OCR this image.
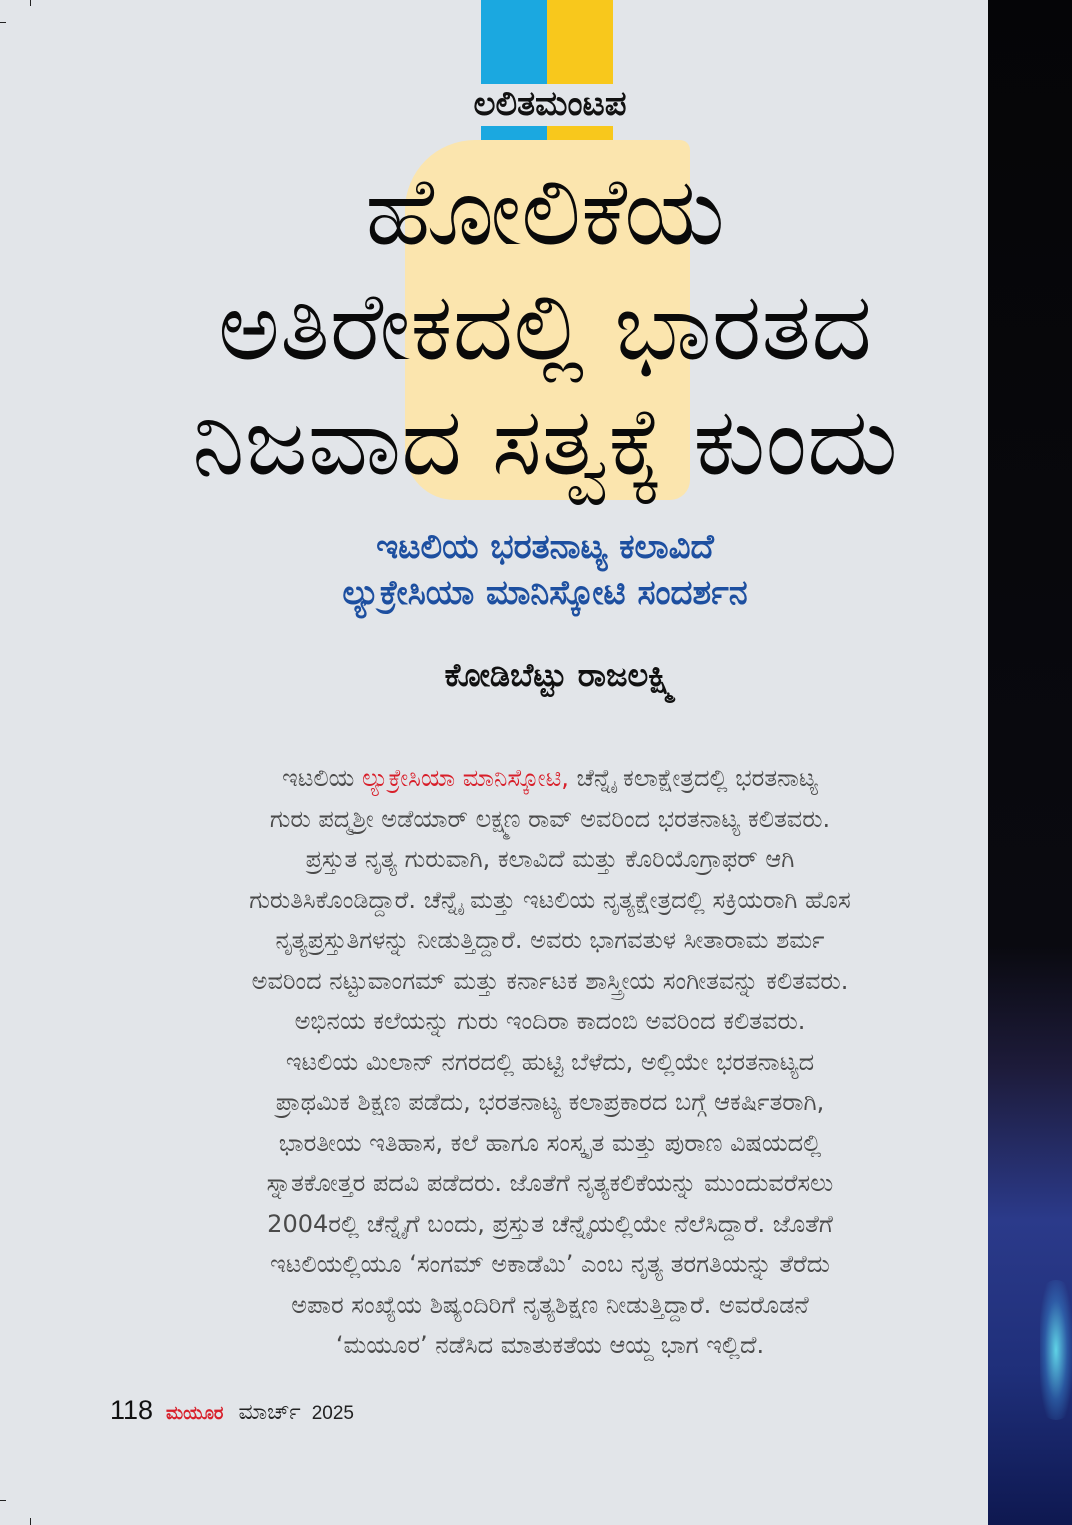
ಲಲಿತಮಂಟಪ
ಹೋಲಿಕೆಯ
ಅತಿರೇಕದಲ್ಲಿ ಭಾರತದ
ನಿಜವಾದ ಸತ್ವಕ್ಕೆ ಕುಂದು
ಇಟಲಿಯ ಭರತನಾಟ್ಯ ಕಲಾವಿದೆ
ಲ್ಯುಕ್ರೇಸಿಯಾ ಮಾನಿಸ್ಕೋಟಿ ಸಂದರ್ಶನ
ಕೋಡಿಬೆಟ್ಟು ರಾಜಲಕ್ಷ್ಮಿ
ಇಟಲಿಯ ಲ್ಯುಕ್ರೇಸಿಯಾ ಮಾನಿಸ್ಕೋಟಿ, ಚೆನ್ನೈ ಕಲಾಕ್ಷೇತ್ರದಲ್ಲಿ ಭರತನಾಟ್ಯ
ಗುರು ಪದ್ಮಶ್ರೀ ಅಡೆಯಾರ್ ಲಕ್ಷ್ಮಣ ರಾವ್ ಅವರಿಂದ ಭರತನಾಟ್ಯ ಕಲಿತವರು.
ಪ್ರಸ್ತುತ ನೃತ್ಯ ಗುರುವಾಗಿ, ಕಲಾವಿದೆ ಮತ್ತು ಕೊರಿಯೊಗ್ರಾಫರ್ ಆಗಿ
ಗುರುತಿಸಿಕೊಂಡಿದ್ದಾರೆ. ಚೆನ್ನೈ ಮತ್ತು ಇಟಲಿಯ ನೃತ್ಯಕ್ಷೇತ್ರದಲ್ಲಿ ಸಕ್ರಿಯರಾಗಿ ಹೊಸ
ನೃತ್ಯಪ್ರಸ್ತುತಿಗಳನ್ನು ನೀಡುತ್ತಿದ್ದಾರೆ. ಅವರು ಭಾಗವತುಳ ಸೀತಾರಾಮ ಶರ್ಮ
ಅವರಿಂದ ನಟ್ಟುವಾಂಗಮ್ ಮತ್ತು ಕರ್ನಾಟಕ ಶಾಸ್ತ್ರೀಯ ಸಂಗೀತವನ್ನು ಕಲಿತವರು.
ಅಭಿನಯ ಕಲೆಯನ್ನು ಗುರು ಇಂದಿರಾ ಕಾದಂಬಿ ಅವರಿಂದ ಕಲಿತವರು.
ಇಟಲಿಯ ಮಿಲಾನ್ ನಗರದಲ್ಲಿ ಹುಟ್ಟಿ ಬೆಳೆದು, ಅಲ್ಲಿಯೇ ಭರತನಾಟ್ಯದ
ಪ್ರಾಥಮಿಕ ಶಿಕ್ಷಣ ಪಡೆದು, ಭರತನಾಟ್ಯ ಕಲಾಪ್ರಕಾರದ ಬಗ್ಗೆ ಆಕರ್ಷಿತರಾಗಿ,
ಭಾರತೀಯ ಇತಿಹಾಸ, ಕಲೆ ಹಾಗೂ ಸಂಸ್ಕೃತ ಮತ್ತು ಪುರಾಣ ವಿಷಯದಲ್ಲಿ
ಸ್ನಾತಕೋತ್ತರ ಪದವಿ ಪಡೆದರು. ಜೊತೆಗೆ ನೃತ್ಯಕಲಿಕೆಯನ್ನು ಮುಂದುವರೆಸಲು
2004ರಲ್ಲಿ ಚೆನ್ನೈಗೆ ಬಂದು, ಪ್ರಸ್ತುತ ಚೆನ್ನೈಯಲ್ಲಿಯೇ ನೆಲೆಸಿದ್ದಾರೆ. ಜೊತೆಗೆ
ಇಟಲಿಯಲ್ಲಿಯೂ ‘ಸಂಗಮ್ ಅಕಾಡೆಮಿ’ ಎಂಬ ನೃತ್ಯ ತರಗತಿಯನ್ನು ತೆರೆದು
ಅಪಾರ ಸಂಖ್ಯೆಯ ಶಿಷ್ಯಂದಿರಿಗೆ ನೃತ್ಯಶಿಕ್ಷಣ ನೀಡುತ್ತಿದ್ದಾರೆ. ಅವರೊಡನೆ
‘ಮಯೂರ’ ನಡೆಸಿದ ಮಾತುಕತೆಯ ಆಯ್ದ ಭಾಗ ಇಲ್ಲಿದೆ.
118 ಮಯೂರ ಮಾರ್ಚ್ 2025
